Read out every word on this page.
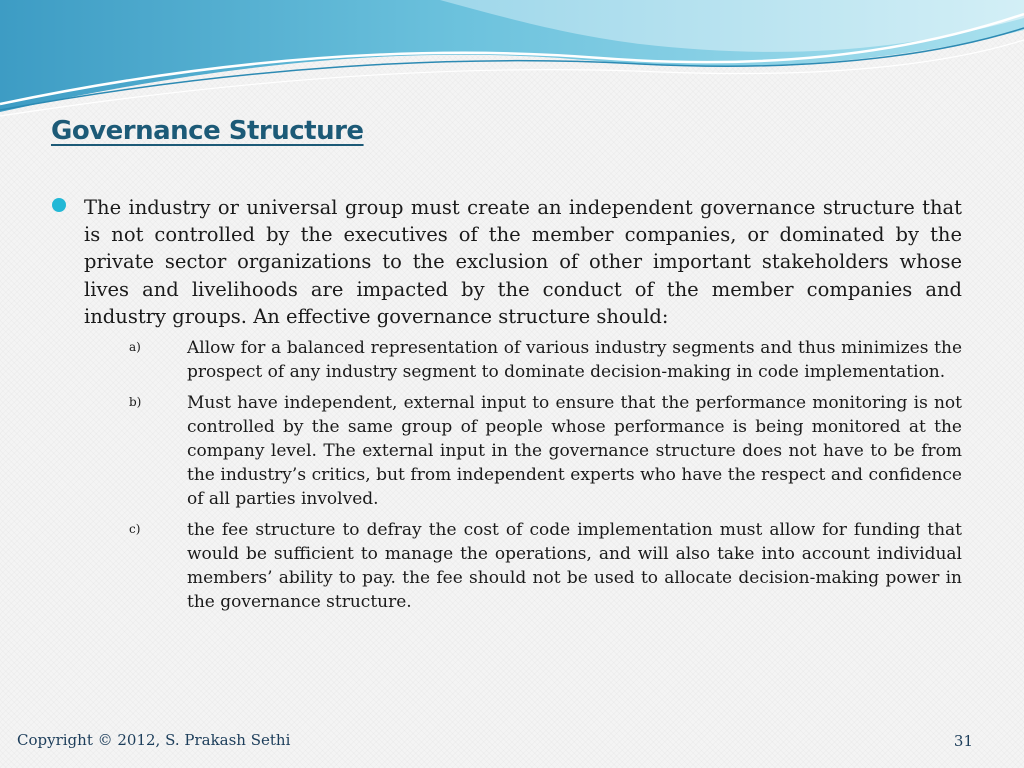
Governance Structure

The industry or universal group must create an independent governance structure that is not controlled by the executives of the member companies, or dominated by the private sector organizations to the exclusion of other important stakeholders whose lives and livelihoods are impacted by the conduct of the member companies and industry groups. An effective governance structure should:

a)	Allow for a balanced representation of various industry segments and thus minimizes the prospect of any industry segment to dominate decision-making in code implementation.

b)	Must have independent, external input to ensure that the performance monitoring is not controlled by the same group of people whose performance is being monitored at the company level. The external input in the governance structure does not have to be from the industry’s critics, but from independent experts who have the respect and confidence of all parties involved.

c)	the fee structure to defray the cost of code implementation must allow for funding that would be sufficient to manage the operations, and will also take into account individual members’ ability to pay. the fee should not be used to allocate decision-making power in the governance structure.

Copyright © 2012, S. Prakash Sethi	31
